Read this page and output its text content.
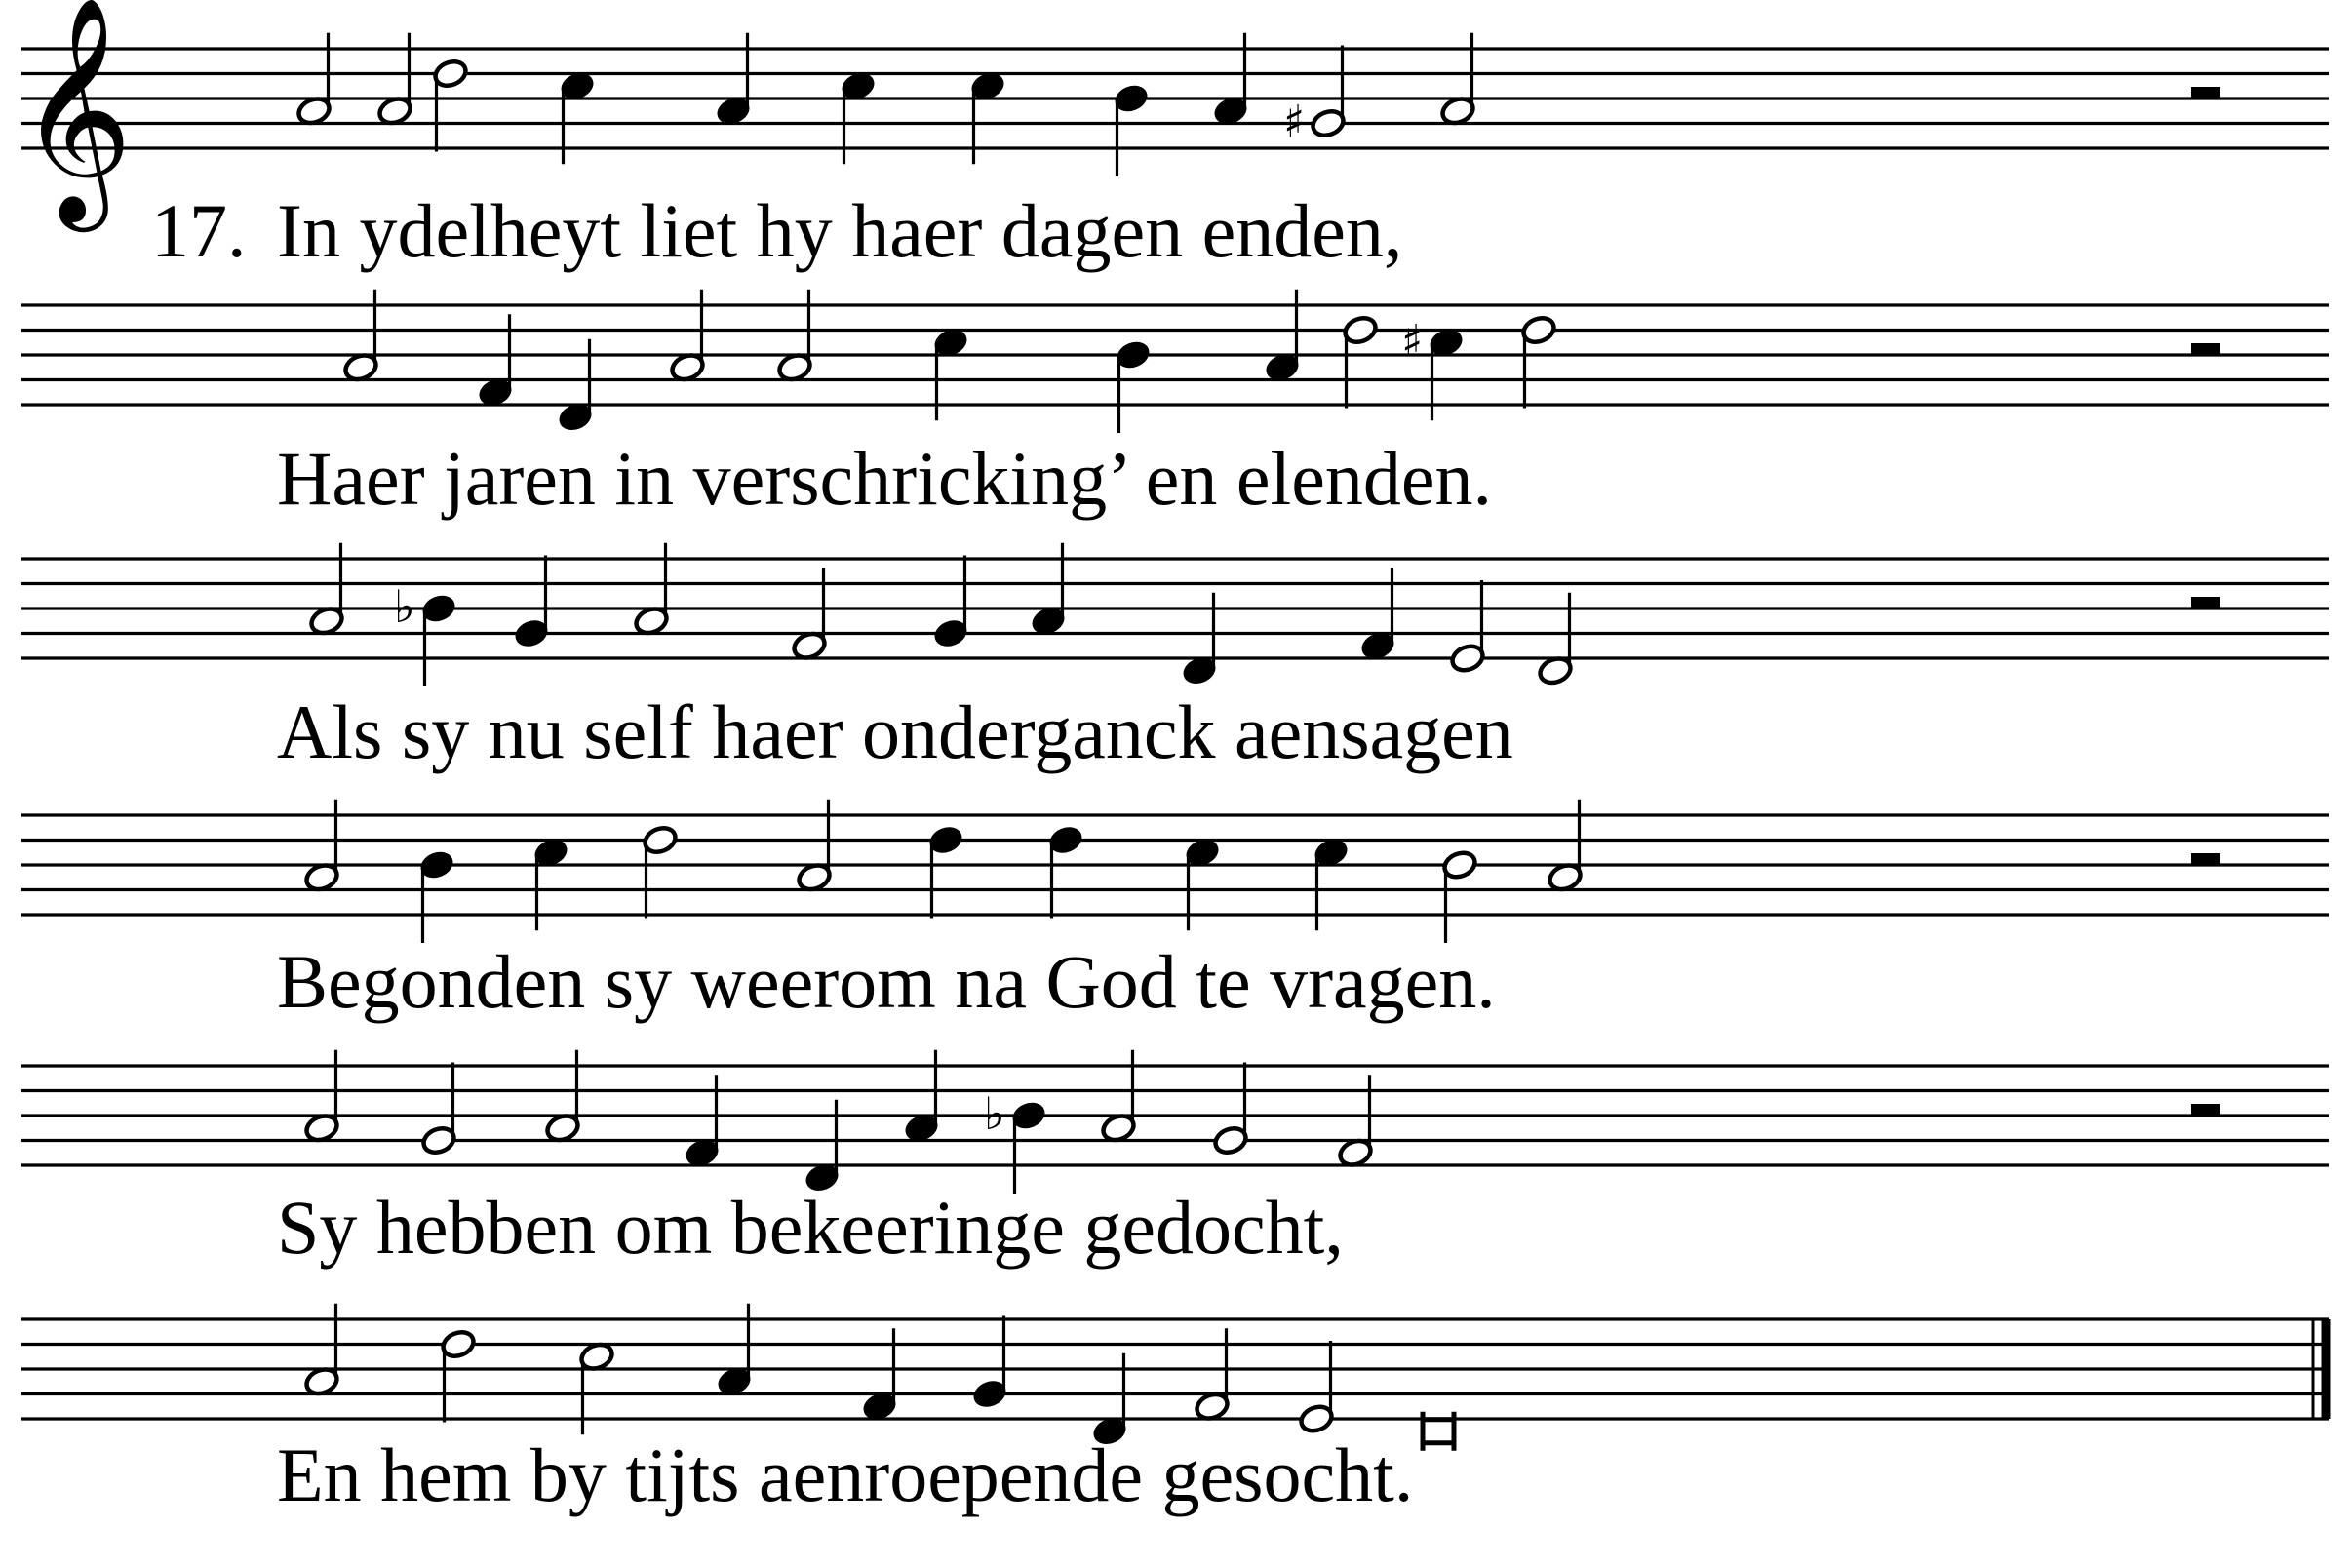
𝄞	♯
♯
♭
♭
17. In ydelheyt liet hy haer dagen enden,
Haer jaren in verschricking’ en elenden.
Als sy nu self haer onderganck aensagen
Begonden sy weerom na God te vragen.
Sy hebben om bekeeringe gedocht,
En hem by tijts aenroepende gesocht.
